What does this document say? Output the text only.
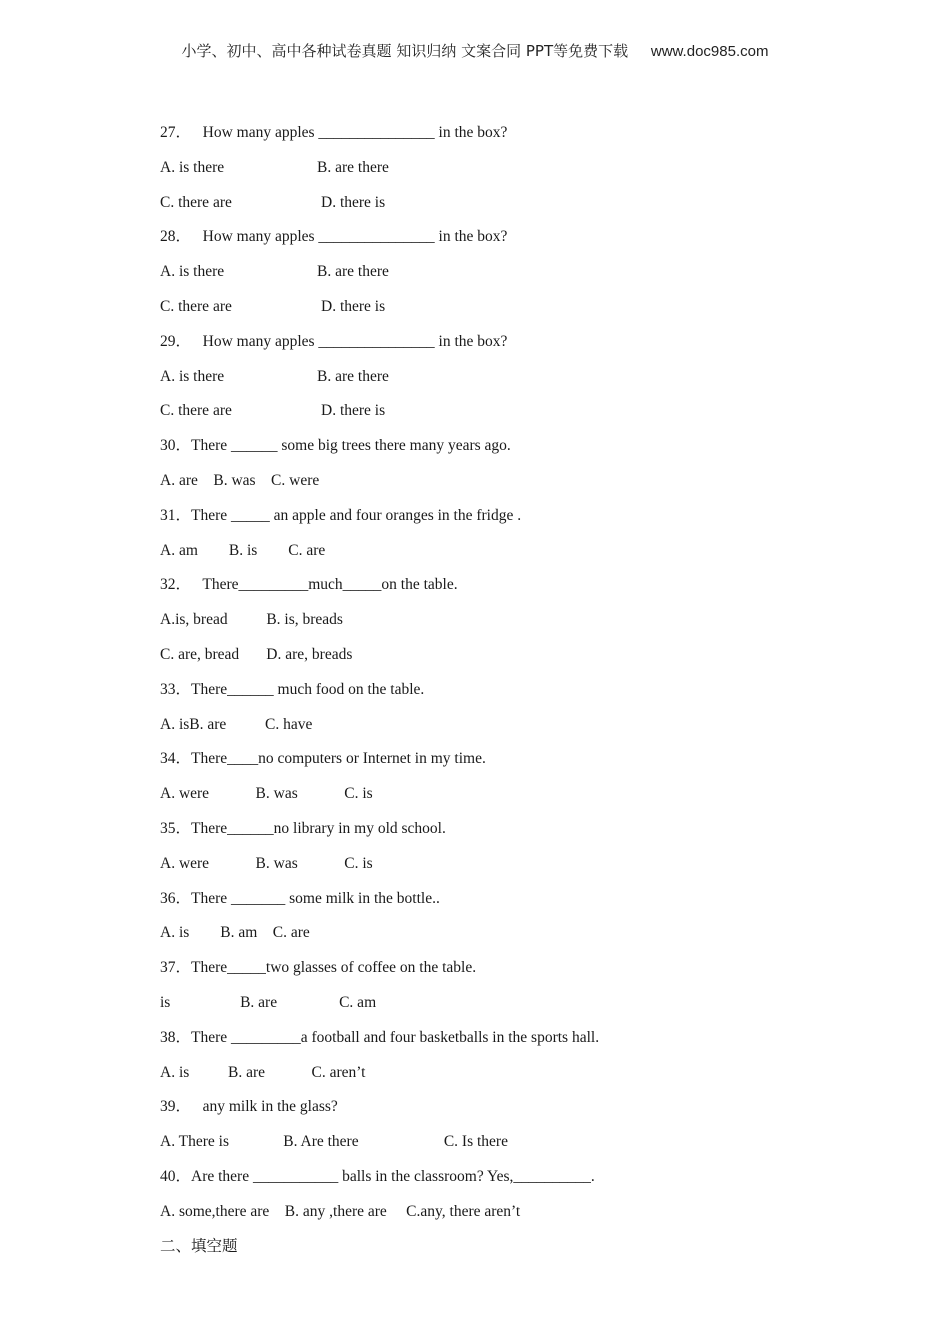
小学、初中、高中各种试卷真题 知识归纳 文案合同 PPT等免费下载 www.doc985.com
27．   How many apples _______________ in the box?
A. is there	B. are there
C. there are	D. there is
28．   How many apples _______________ in the box?
A. is there	B. are there
C. there are	D. there is
29．   How many apples _______________ in the box?
A. is there	B. are there
C. there are	D. there is
30．There ______ some big trees there many years ago.
A. are    B. was    C. were
31．There _____ an apple and four oranges in the fridge .
A. am        B. is        C. are
32．   There_________much_____on the table.
A.is, bread          B. is, breads
C. are, bread       D. are, breads
33．There______ much food on the table.
A. isB. are          C. have
34．There____no computers or Internet in my time.
A. were            B. was            C. is
35．There______no library in my old school.
A. were            B. was            C. is
36．There _______ some milk in the bottle..
A. is        B. am    C. are
37．There_____two glasses of coffee on the table.
is                  B. are                C. am
38．There _________a football and four basketballs in the sports hall.
A. is          B. are            C. aren’t
39．   any milk in the glass?
A. There is              B. Are there                      C. Is there
40．Are there ___________ balls in the classroom? Yes,__________.
A. some,there are    B. any ,there are     C.any, there aren’t
二、填空题
